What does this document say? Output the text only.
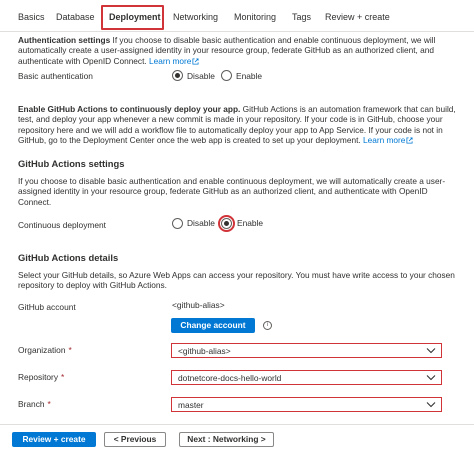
Basics Database Deployment Networking Monitoring Tags Review + create
Authentication settings If you choose to disable basic authentication and enable continuous deployment, we will
automatically create a user-assigned identity in your resource group, federate GitHub as an authorized client, and
authenticate with OpenID Connect. Learn more
Basic authentication	Disable	Enable
Enable GitHub Actions to continuously deploy your app. GitHub Actions is an automation framework that can build,
test, and deploy your app whenever a new commit is made in your repository. If your code is in GitHub, choose your
repository here and we will add a workflow file to automatically deploy your app to App Service. If your code is not in
GitHub, go to the Deployment Center once the web app is created to set up your deployment. Learn more
GitHub Actions settings
If you choose to disable basic authentication and enable continuous deployment, we will automatically create a user-
assigned identity in your resource group, federate GitHub as an authorized client, and authenticate with OpenID
Connect.
Continuous deployment	Disable	Enable
GitHub Actions details
Select your GitHub details, so Azure Web Apps can access your repository. You must have write access to your chosen
repository to deploy with GitHub Actions.
GitHub account	<github-alias>
Change account	i
Organization *	<github-alias>
Repository *	dotnetcore-docs-hello-world
Branch *	master
Review + create	< Previous	Next : Networking >
